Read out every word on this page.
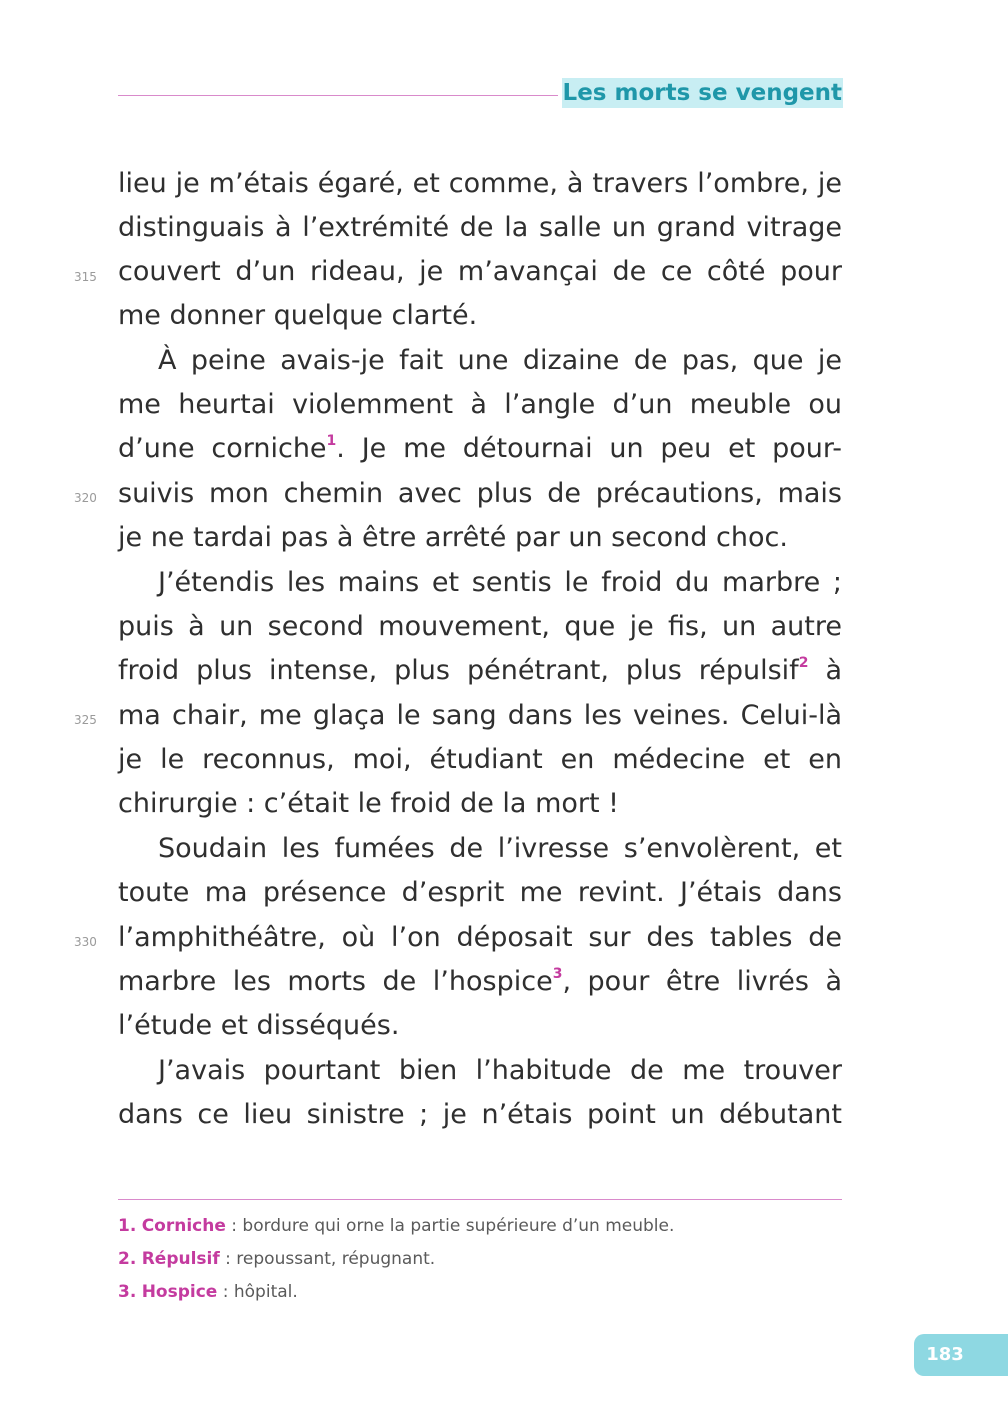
Les morts se vengent
lieu je m’étais égaré, et comme, à travers l’ombre, je
distinguais à l’extrémité de la salle un grand vitrage
couvert d’un rideau, je m’avançai de ce côté pour
me donner quelque clarté.
À peine avais-je fait une dizaine de pas, que je
me heurtai violemment à l’angle d’un meuble ou
d’une corniche$^1$. Je me détournai un peu et pour-
suivis mon chemin avec plus de précautions, mais
je ne tardai pas à être arrêté par un second choc.
J’étendis les mains et sentis le froid du marbre ;
puis à un second mouvement, que je fis, un autre
froid plus intense, plus pénétrant, plus répulsif$^2$ à
ma chair, me glaça le sang dans les veines. Celui-là
je le reconnus, moi, étudiant en médecine et en
chirurgie : c’était le froid de la mort !
Soudain les fumées de l’ivresse s’envolèrent, et
toute ma présence d’esprit me revint. J’étais dans
l’amphithéâtre, où l’on déposait sur des tables de
marbre les morts de l’hospice$^3$, pour être livrés à
l’étude et disséqués.
J’avais pourtant bien l’habitude de me trouver
dans ce lieu sinistre ; je n’étais point un débutant
315
320
325
330
1. Corniche : bordure qui orne la partie supérieure d’un meuble.
2. Répulsif : repoussant, répugnant.
3. Hospice : hôpital.
183
